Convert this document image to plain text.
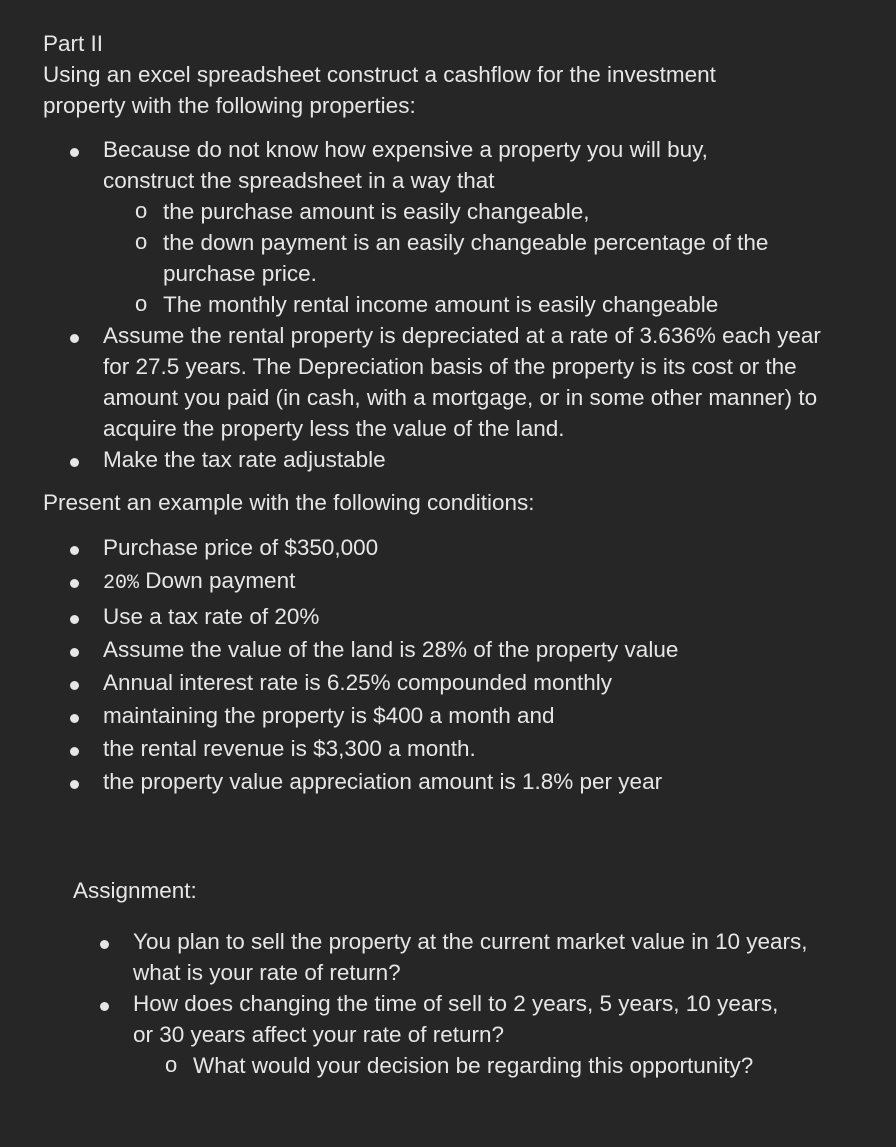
Part II

Using an excel spreadsheet construct a cashflow for the investment property with the following properties:

Because do not know how expensive a property you will buy, construct the spreadsheet in a way that
o the purchase amount is easily changeable,
o the down payment is an easily changeable percentage of the purchase price.
o The monthly rental income amount is easily changeable
Assume the rental property is depreciated at a rate of 3.636% each year for 27.5 years. The Depreciation basis of the property is its cost or the amount you paid (in cash, with a mortgage, or in some other manner) to acquire the property less the value of the land.
Make the tax rate adjustable

Present an example with the following conditions:

Purchase price of $350,000
20% Down payment
Use a tax rate of 20%
Assume the value of the land is 28% of the property value
Annual interest rate is 6.25% compounded monthly
maintaining the property is $400 a month and
the rental revenue is $3,300 a month.
the property value appreciation amount is 1.8% per year

Assignment:

You plan to sell the property at the current market value in 10 years, what is your rate of return?
How does changing the time of sell to 2 years, 5 years, 10 years, or 30 years affect your rate of return?
o What would your decision be regarding this opportunity?
